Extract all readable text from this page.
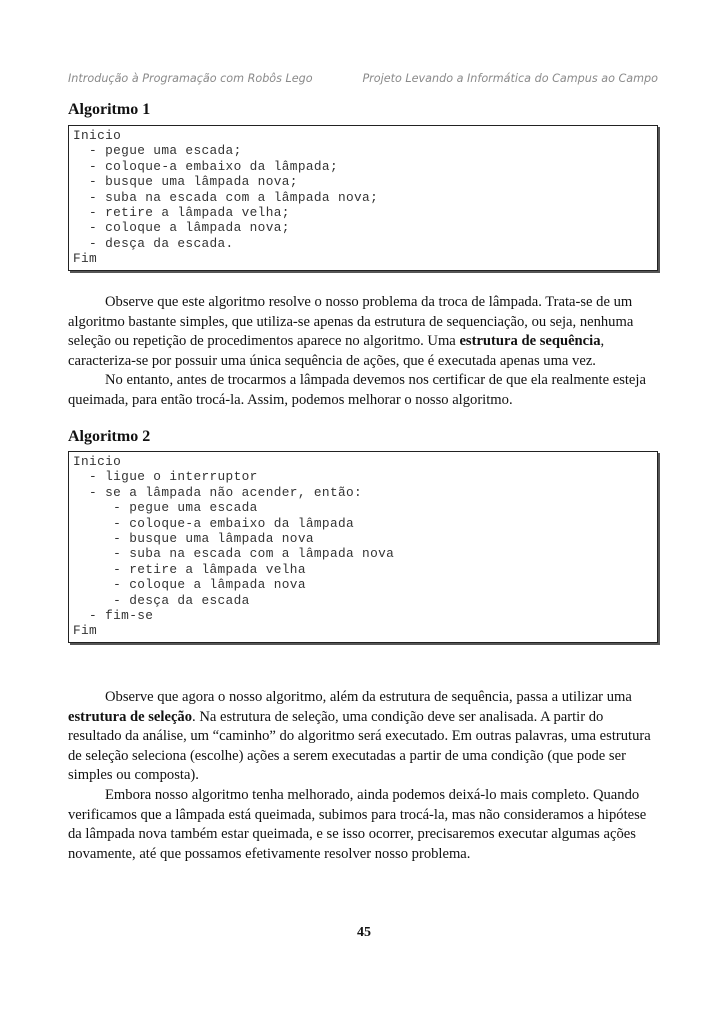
Introdução à Programação com Robôs Lego	Projeto Levando a Informática do Campus ao Campo
Algoritmo 1
Inicio
- pegue uma escada;
- coloque-a embaixo da lâmpada;
- busque uma lâmpada nova;
- suba na escada com a lâmpada nova;
- retire a lâmpada velha;
- coloque a lâmpada nova;
- desça da escada.
Fim

Observe que este algoritmo resolve o nosso problema da troca de lâmpada. Trata-se de um algoritmo bastante simples, que utiliza-se apenas da estrutura de sequenciação, ou seja, nenhuma seleção ou repetição de procedimentos aparece no algoritmo. Uma estrutura de sequência, caracteriza-se por possuir uma única sequência de ações, que é executada apenas uma vez.

No entanto, antes de trocarmos a lâmpada devemos nos certificar de que ela realmente esteja queimada, para então trocá-la. Assim, podemos melhorar o nosso algoritmo.

Algoritmo 2
Inicio
- ligue o interruptor
- se a lâmpada não acender, então:
- pegue uma escada
- coloque-a embaixo da lâmpada
- busque uma lâmpada nova
- suba na escada com a lâmpada nova
- retire a lâmpada velha
- coloque a lâmpada nova
- desça da escada
- fim-se
Fim

Observe que agora o nosso algoritmo, além da estrutura de sequência, passa a utilizar uma estrutura de seleção. Na estrutura de seleção, uma condição deve ser analisada. A partir do resultado da análise, um “caminho” do algoritmo será executado. Em outras palavras, uma estrutura de seleção seleciona (escolhe) ações a serem executadas a partir de uma condição (que pode ser simples ou composta).

Embora nosso algoritmo tenha melhorado, ainda podemos deixá-lo mais completo. Quando verificamos que a lâmpada está queimada, subimos para trocá-la, mas não consideramos a hipótese da lâmpada nova também estar queimada, e se isso ocorrer, precisaremos executar algumas ações novamente, até que possamos efetivamente resolver nosso problema.

45
